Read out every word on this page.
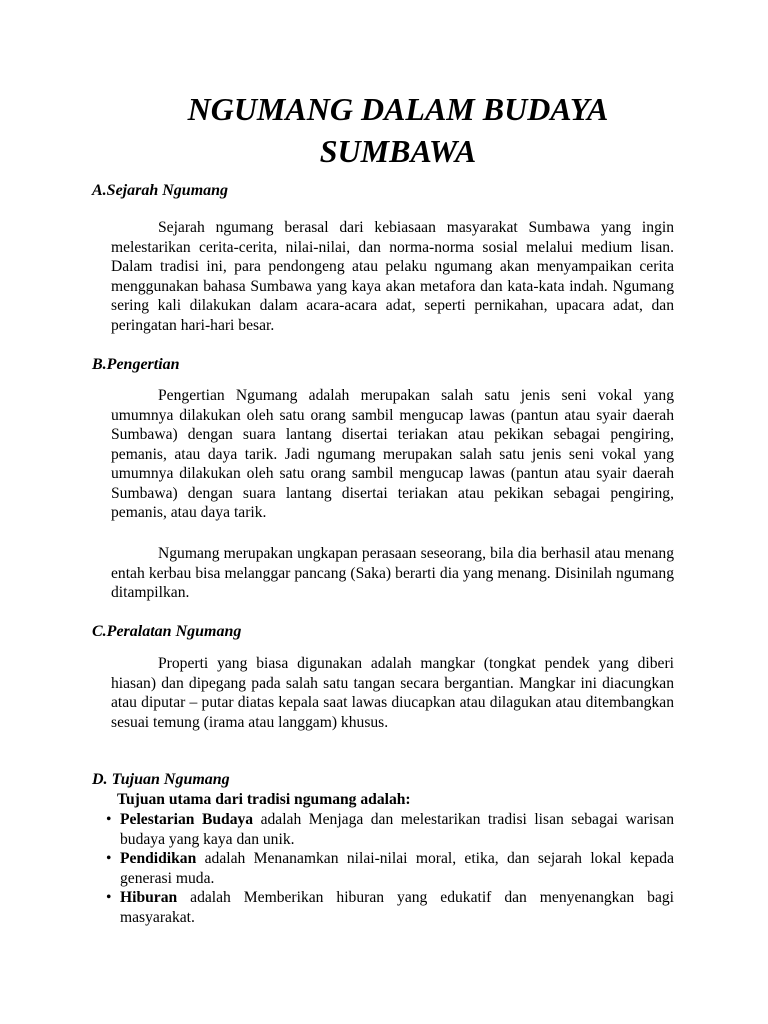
NGUMANG DALAM BUDAYA
SUMBAWA
A.Sejarah Ngumang

Sejarah ngumang berasal dari kebiasaan masyarakat Sumbawa yang ingin melestarikan cerita-cerita, nilai-nilai, dan norma-norma sosial melalui medium lisan. Dalam tradisi ini, para pendongeng atau pelaku ngumang akan menyampaikan cerita menggunakan bahasa Sumbawa yang kaya akan metafora dan kata-kata indah. Ngumang sering kali dilakukan dalam acara-acara adat, seperti pernikahan, upacara adat, dan peringatan hari-hari besar.

B.Pengertian

Pengertian Ngumang adalah merupakan salah satu jenis seni vokal yang umumnya dilakukan oleh satu orang sambil mengucap lawas (pantun atau syair daerah Sumbawa) dengan suara lantang disertai teriakan atau pekikan sebagai pengiring, pemanis, atau daya tarik. Jadi ngumang merupakan salah satu jenis seni vokal yang umumnya dilakukan oleh satu orang sambil mengucap lawas (pantun atau syair daerah Sumbawa) dengan suara lantang disertai teriakan atau pekikan sebagai pengiring, pemanis, atau daya tarik.

Ngumang merupakan ungkapan perasaan seseorang, bila dia berhasil atau menang entah kerbau bisa melanggar pancang (Saka) berarti dia yang menang. Disinilah ngumang ditampilkan.

C.Peralatan Ngumang

Properti yang biasa digunakan adalah mangkar (tongkat pendek yang diberi hiasan) dan dipegang pada salah satu tangan secara bergantian. Mangkar ini diacungkan atau diputar – putar diatas kepala saat lawas diucapkan atau dilagukan atau ditembangkan sesuai temung (irama atau langgam) khusus.

D. Tujuan Ngumang

Tujuan utama dari tradisi ngumang adalah:

• Pelestarian Budaya adalah Menjaga dan melestarikan tradisi lisan sebagai warisan budaya yang kaya dan unik.
• Pendidikan adalah Menanamkan nilai-nilai moral, etika, dan sejarah lokal kepada generasi muda.
• Hiburan adalah Memberikan hiburan yang edukatif dan menyenangkan bagi masyarakat.
